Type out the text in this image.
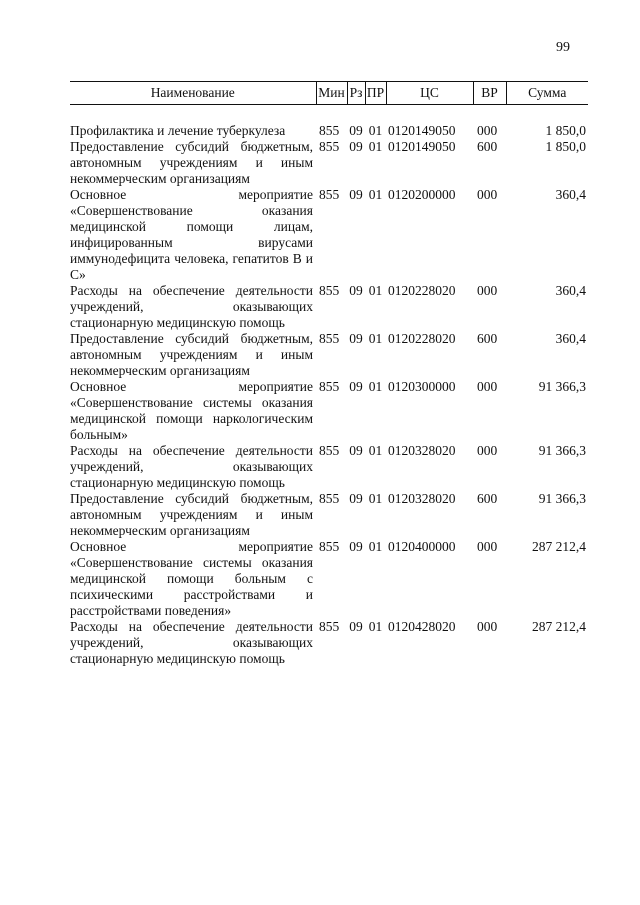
99
Наименование	Мин	Рз	ПР	ЦС	ВР	Сумма

Профилактика и лечение туберкулеза	855	09	01	0120149050	000	1 850,0
Предоставление субсидий бюджетным, автономным учреждениям и иным некоммерческим организациям	855	09	01	0120149050	600	1 850,0
Основное мероприятие «Совершенствование оказания медицинской помощи лицам, инфицированным вирусами иммунодефицита человека, гепатитов В и С»	855	09	01	0120200000	000	360,4
Расходы на обеспечение деятельности учреждений, оказывающих стационарную медицинскую помощь	855	09	01	0120228020	000	360,4
Предоставление субсидий бюджетным, автономным учреждениям и иным некоммерческим организациям	855	09	01	0120228020	600	360,4
Основное мероприятие «Совершенствование системы оказания медицинской помощи наркологическим больным»	855	09	01	0120300000	000	91 366,3
Расходы на обеспечение деятельности учреждений, оказывающих стационарную медицинскую помощь	855	09	01	0120328020	000	91 366,3
Предоставление субсидий бюджетным, автономным учреждениям и иным некоммерческим организациям	855	09	01	0120328020	600	91 366,3
Основное мероприятие «Совершенствование системы оказания медицинской помощи больным с психическими расстройствами и расстройствами поведения»	855	09	01	0120400000	000	287 212,4
Расходы на обеспечение деятельности учреждений, оказывающих стационарную медицинскую помощь	855	09	01	0120428020	000	287 212,4
